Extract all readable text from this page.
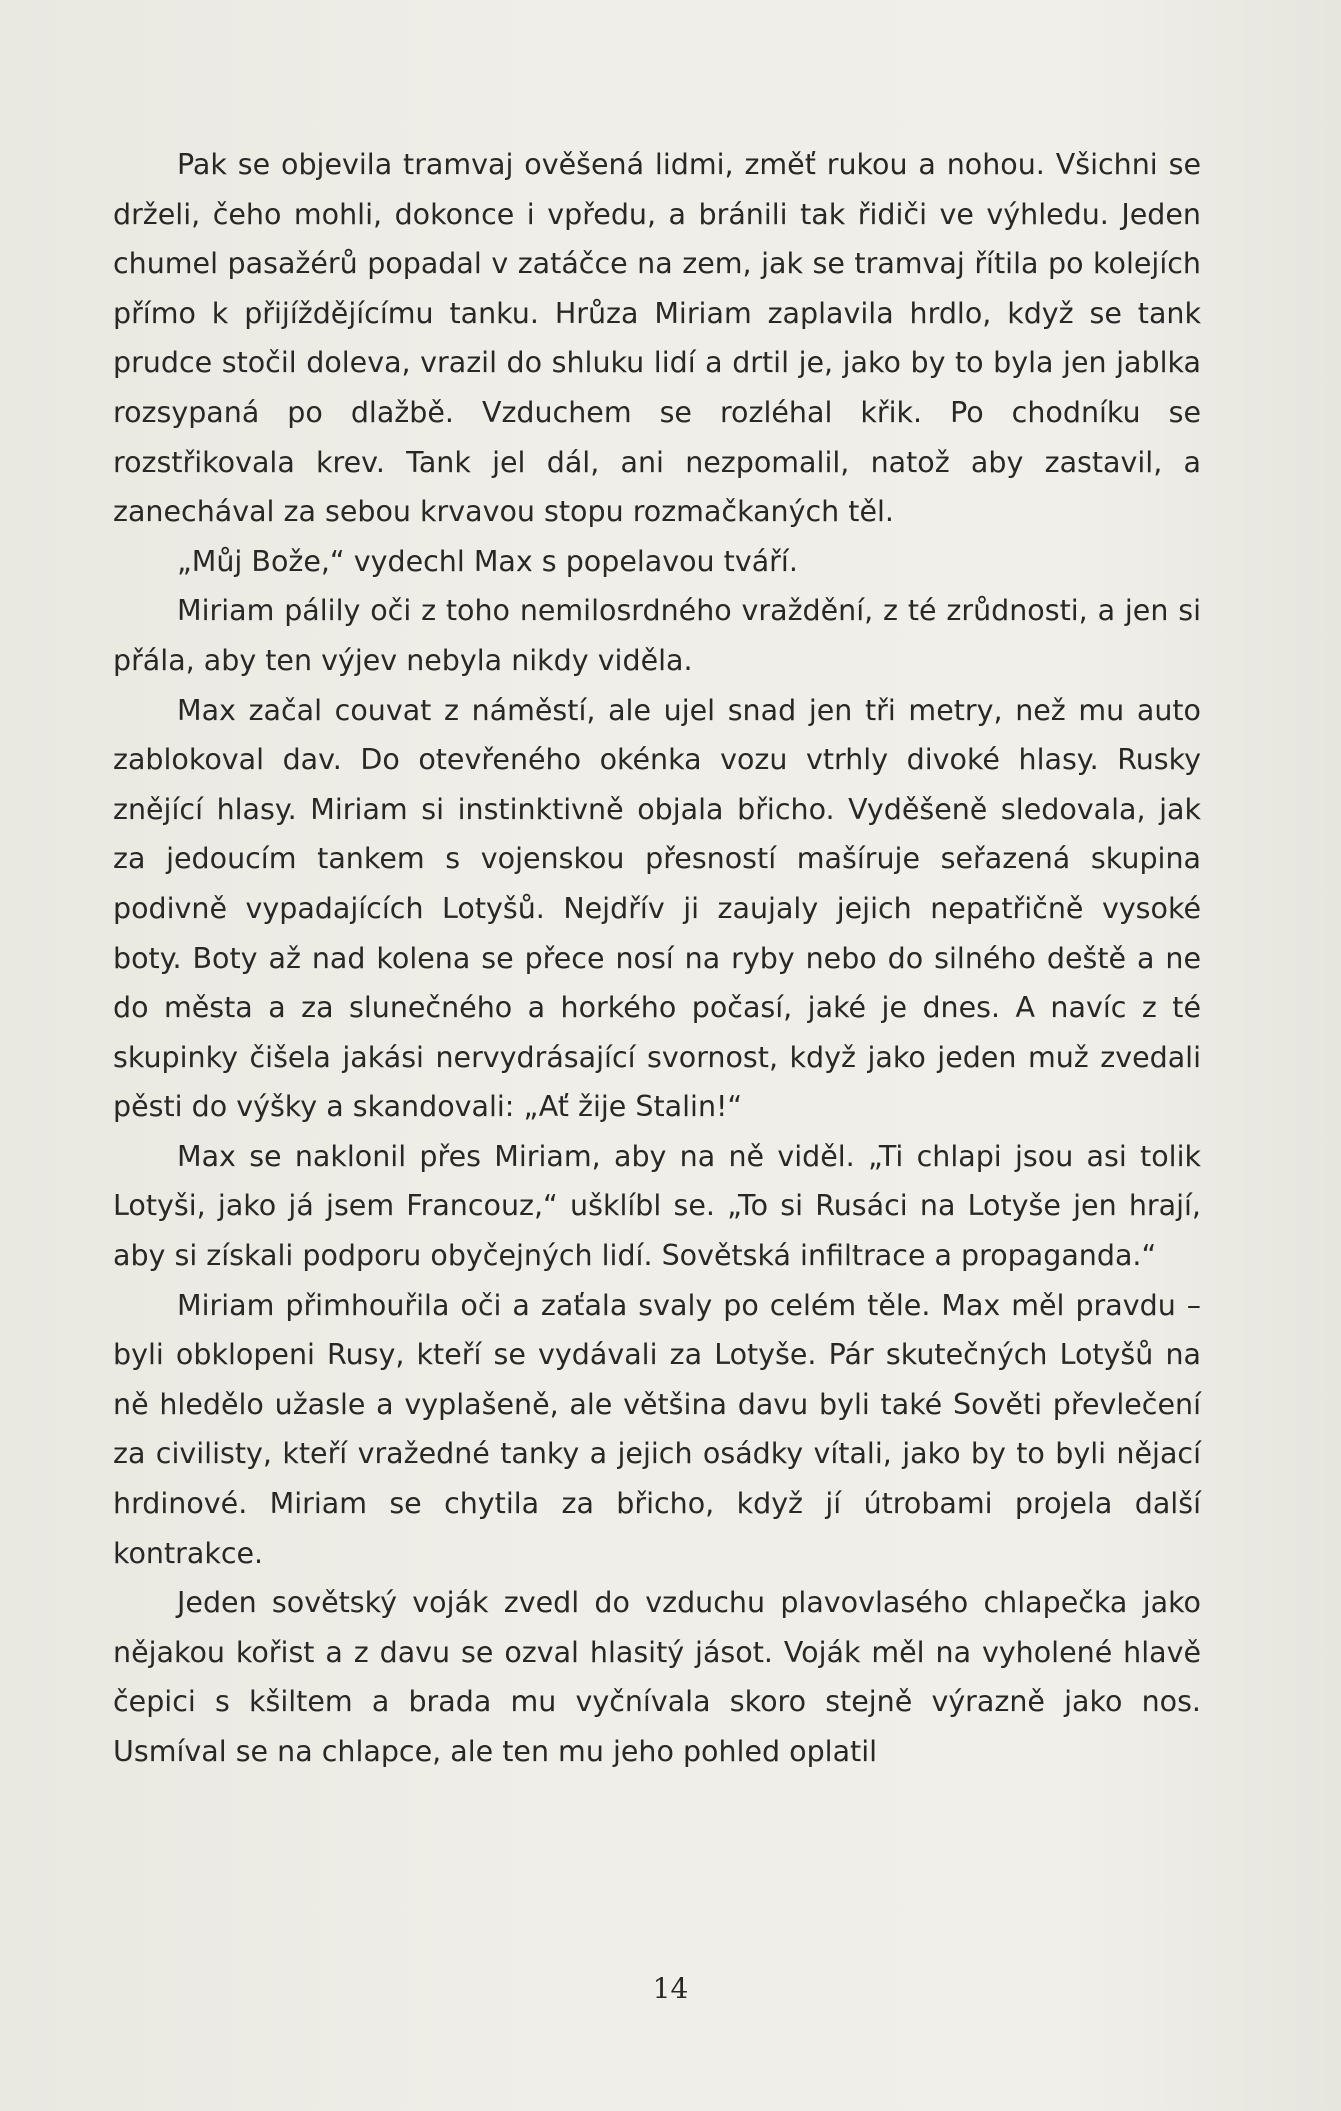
Pak se objevila tramvaj ověšená lidmi, změť rukou a nohou. Všichni se drželi, čeho mohli, dokonce i vpředu, a bránili tak řidiči ve výhledu. Jeden chumel pasažérů popadal v zatáčce na zem, jak se tramvaj řítila po kolejích přímo k přijíždějícímu tanku. Hrůza Miriam zaplavila hrdlo, když se tank prudce stočil doleva, vrazil do shluku lidí a drtil je, jako by to byla jen jablka rozsypaná po dlažbě. Vzduchem se rozléhal křik. Po chodníku se rozstřikovala krev. Tank jel dál, ani nezpomalil, natož aby zastavil, a zanechával za sebou krvavou stopu rozmačkaných těl.

„Můj Bože,“ vydechl Max s popelavou tváří.

Miriam pálily oči z toho nemilosrdného vraždění, z té zrůdnosti, a jen si přála, aby ten výjev nebyla nikdy viděla.

Max začal couvat z náměstí, ale ujel snad jen tři metry, než mu auto zablokoval dav. Do otevřeného okénka vozu vtrhly divoké hlasy. Rusky znějící hlasy. Miriam si instinktivně objala břicho. Vyděšeně sledovala, jak za jedoucím tankem s vojenskou přesností mašíruje seřazená skupina podivně vypadajících Lotyšů. Nejdřív ji zaujaly jejich nepatřičně vysoké boty. Boty až nad kolena se přece nosí na ryby nebo do silného deště a ne do města a za slunečného a horkého počasí, jaké je dnes. A navíc z té skupinky čišela jakási nervydrásající svornost, když jako jeden muž zvedali pěsti do výšky a skandovali: „Ať žije Stalin!“

Max se naklonil přes Miriam, aby na ně viděl. „Ti chlapi jsou asi tolik Lotyši, jako já jsem Francouz,“ ušklíbl se. „To si Rusáci na Lotyše jen hrají, aby si získali podporu obyčejných lidí. Sovětská infiltrace a propaganda.“

Miriam přimhouřila oči a zaťala svaly po celém těle. Max měl pravdu – byli obklopeni Rusy, kteří se vydávali za Lotyše. Pár skutečných Lotyšů na ně hledělo užasle a vyplašeně, ale většina davu byli také Sověti převlečení za civilisty, kteří vražedné tanky a jejich osádky vítali, jako by to byli nějací hrdinové. Miriam se chytila za břicho, když jí útrobami projela další kontrakce.

Jeden sovětský voják zvedl do vzduchu plavovlasého chlapečka jako nějakou kořist a z davu se ozval hlasitý jásot. Voják měl na vyholené hlavě čepici s kšiltem a brada mu vyčnívala skoro stejně výrazně jako nos. Usmíval se na chlapce, ale ten mu jeho pohled oplatil

14
